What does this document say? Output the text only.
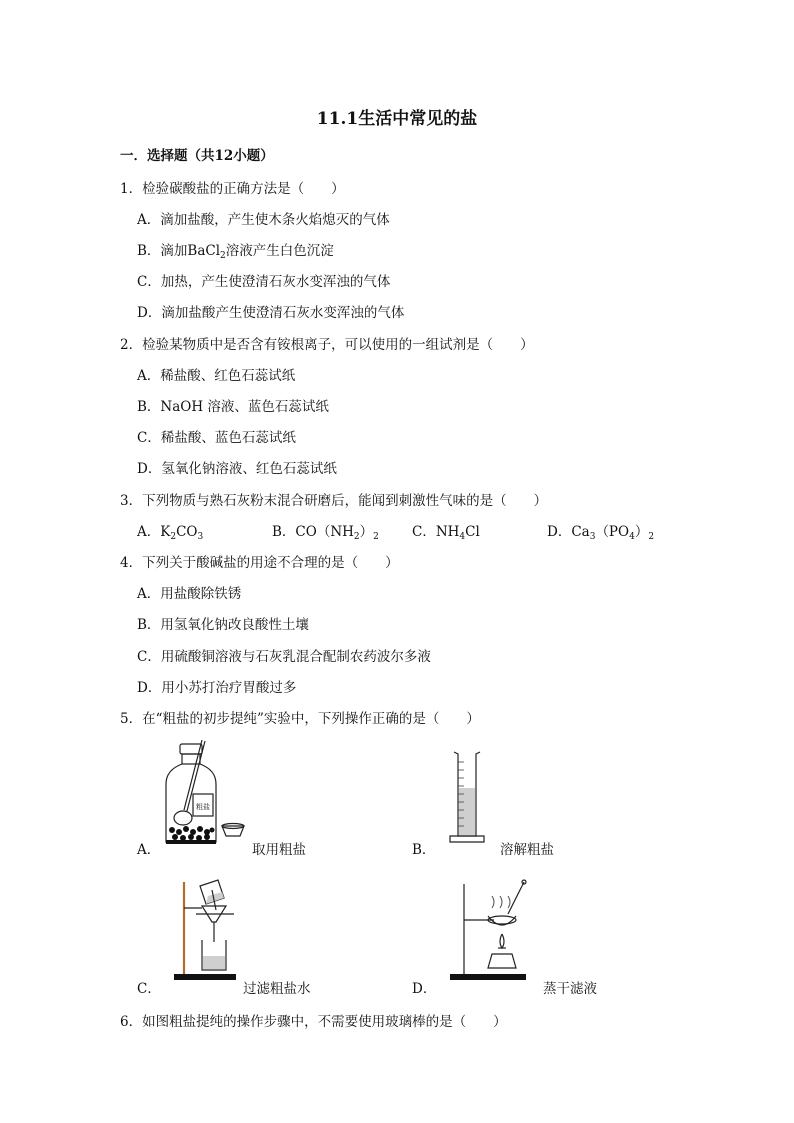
11.1生活中常见的盐
一．选择题（共12小题）
1．检验碳酸盐的正确方法是（　　）
A．滴加盐酸，产生使木条火焰熄灭的气体
B．滴加BaCl$_2$溶液产生白色沉淀
C．加热，产生使澄清石灰水变浑浊的气体
D．滴加盐酸产生使澄清石灰水变浑浊的气体
2．检验某物质中是否含有铵根离子，可以使用的一组试剂是（　　）
A．稀盐酸、红色石蕊试纸
B．NaOH 溶液、蓝色石蕊试纸
C．稀盐酸、蓝色石蕊试纸
D．氢氧化钠溶液、红色石蕊试纸
3．下列物质与熟石灰粉末混合研磨后，能闻到刺激性气味的是（　　）
A．$K_2CO_3$	B．$CO(NH_2)_2$ C．$NH_4Cl$	D．$Ca_3(PO_4)_2$
4．下列关于酸碱盐的用途不合理的是（　　）
A．用盐酸除铁锈
B．用氢氧化钠改良酸性土壤
C．用硫酸铜溶液与石灰乳混合配制农药波尔多液
D．用小苏打治疗胃酸过多
5．在“粗盐的初步提纯”实验中，下列操作正确的是（　　）
A．
粗盐
取用粗盐	B．	溶解粗盐
C．	过滤粗盐水	D．	蒸干滤液
6．如图粗盐提纯的操作步骤中，不需要使用玻璃棒的是（　　）
